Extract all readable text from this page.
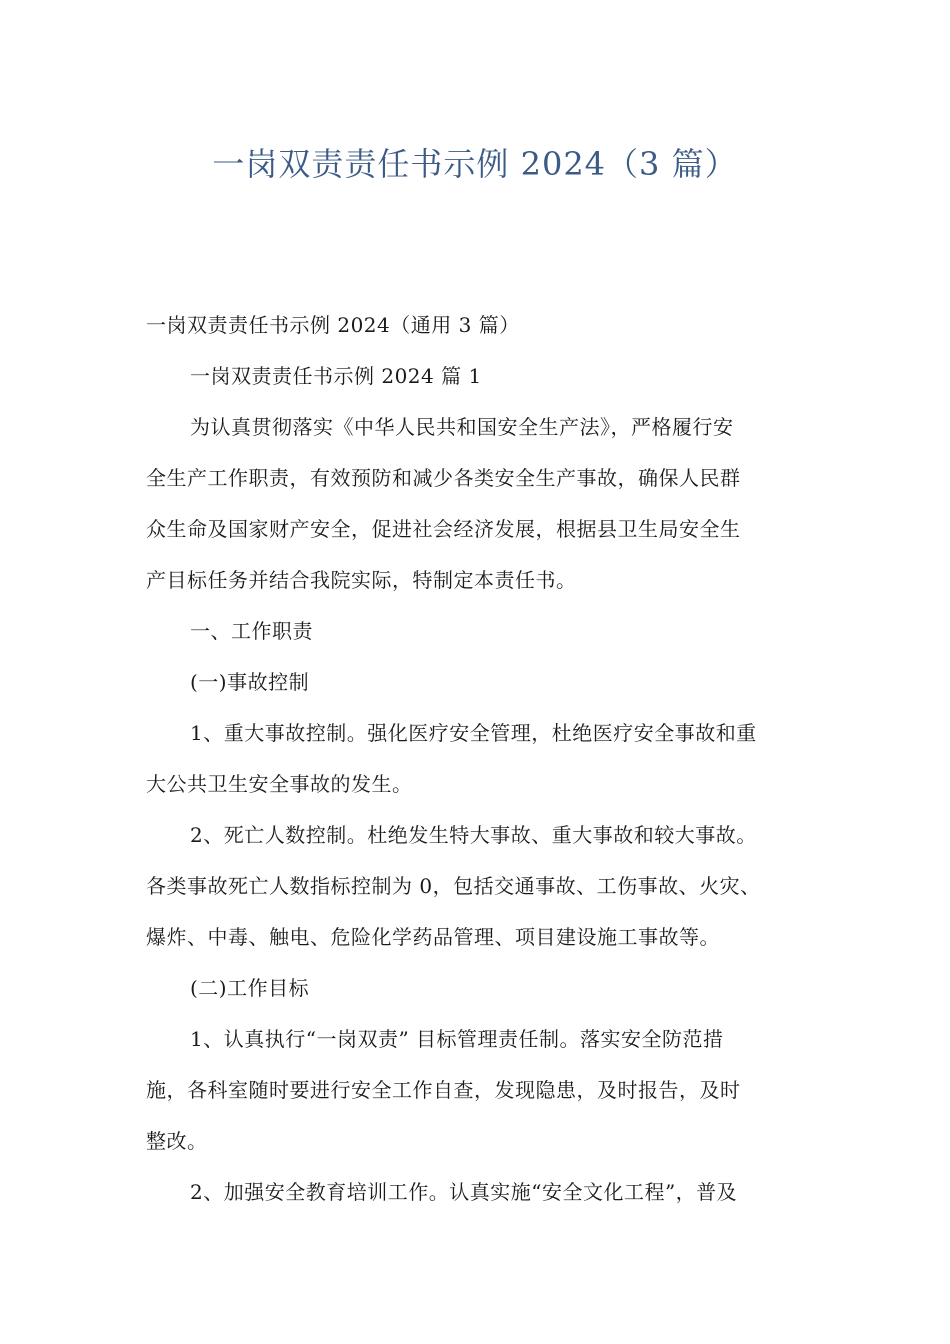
一岗双责责任书示例 2024（3 篇）
一岗双责责任书示例 2024（通用 3 篇）
一岗双责责任书示例 2024 篇 1
为认真贯彻落实《中华人民共和国安全生产法》，严格履行安
全生产工作职责，有效预防和减少各类安全生产事故，确保人民群
众生命及国家财产安全，促进社会经济发展，根据县卫生局安全生
产目标任务并结合我院实际，特制定本责任书。
一、工作职责
(一)事故控制
1、重大事故控制。强化医疗安全管理，杜绝医疗安全事故和重
大公共卫生安全事故的发生。
2、死亡人数控制。杜绝发生特大事故、重大事故和较大事故。
各类事故死亡人数指标控制为 0，包括交通事故、工伤事故、火灾、
爆炸、中毒、触电、危险化学药品管理、项目建设施工事故等。
(二)工作目标
1、认真执行“一岗双责” 目标管理责任制。落实安全防范措
施，各科室随时要进行安全工作自查，发现隐患，及时报告，及时
整改。
2、加强安全教育培训工作。认真实施“安全文化工程”，普及
